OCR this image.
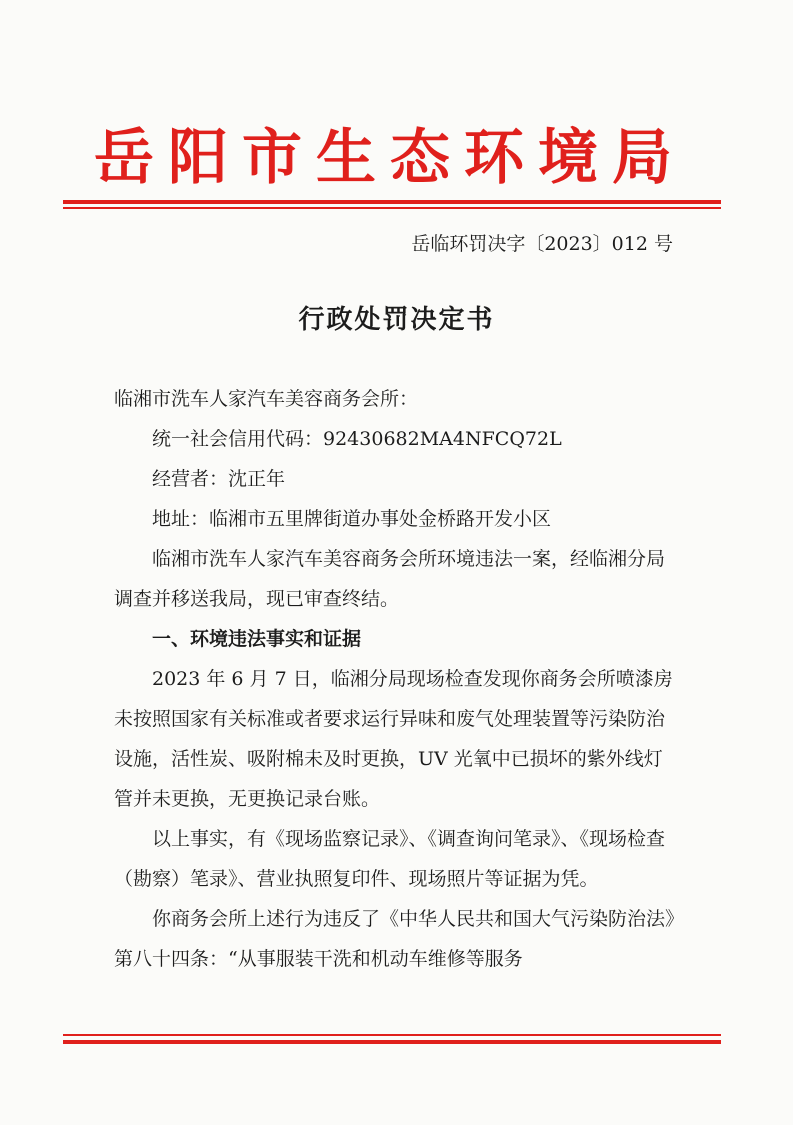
岳阳市生态环境局
岳临环罚决字〔2023〕012 号
行政处罚决定书

临湘市洗车人家汽车美容商务会所：

统一社会信用代码：92430682MA4NFCQ72L

经营者：沈正年

地址：临湘市五里牌街道办事处金桥路开发小区

临湘市洗车人家汽车美容商务会所环境违法一案，经临湘分局调查并移送我局，现已审查终结。

一、环境违法事实和证据

2023 年 6 月 7 日，临湘分局现场检查发现你商务会所喷漆房未按照国家有关标准或者要求运行异味和废气处理装置等污染防治设施，活性炭、吸附棉未及时更换，UV 光氧中已损坏的紫外线灯管并未更换，无更换记录台账。

以上事实，有《现场监察记录》、《调查询问笔录》、《现场检查（勘察）笔录》、营业执照复印件、现场照片等证据为凭。

你商务会所上述行为违反了《中华人民共和国大气污染防治法》第八十四条：“从事服装干洗和机动车维修等服务
